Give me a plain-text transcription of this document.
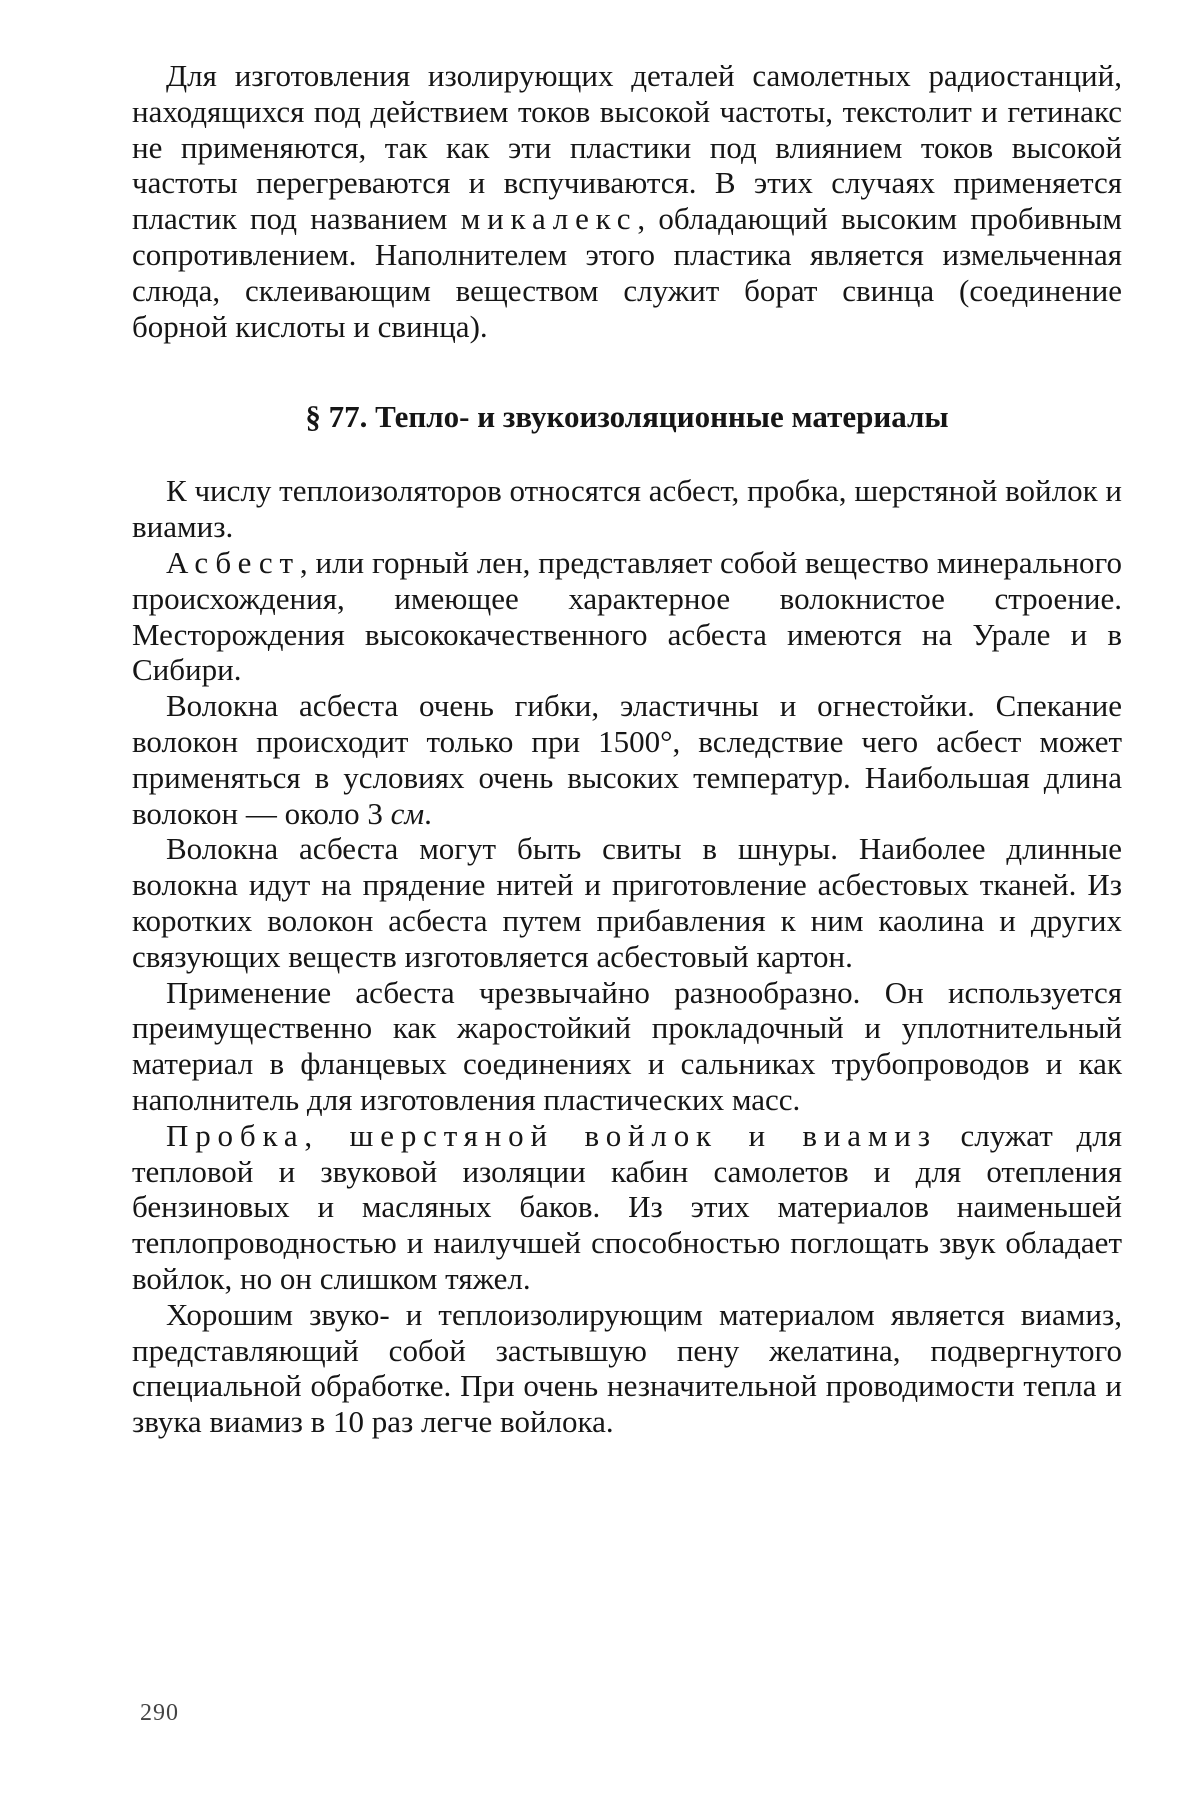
Для изготовления изолирующих деталей самолетных радиостанций, находящихся под действием токов высокой частоты, текстолит и гетинакс не применяются, так как эти пластики под влиянием токов высокой частоты перегреваются и вспучиваются. В этих случаях применяется пластик под названием микалекс, обладающий высоким пробивным сопротивлением. Наполнителем этого пластика является измельченная слюда, склеивающим веществом служит борат свинца (соединение борной кислоты и свинца).

§ 77. Тепло- и звукоизоляционные материалы

К числу теплоизоляторов относятся асбест, пробка, шерстяной войлок и виамиз.

Асбест, или горный лен, представляет собой вещество минерального происхождения, имеющее характерное волокнистое строение. Месторождения высококачественного асбеста имеются на Урале и в Сибири.

Волокна асбеста очень гибки, эластичны и огнестойки. Спекание волокон происходит только при 1500°, вследствие чего асбест может применяться в условиях очень высоких температур. Наибольшая длина волокон — около 3 см.

Волокна асбеста могут быть свиты в шнуры. Наиболее длинные волокна идут на прядение нитей и приготовление асбестовых тканей. Из коротких волокон асбеста путем прибавления к ним каолина и других связующих веществ изготовляется асбестовый картон.

Применение асбеста чрезвычайно разнообразно. Он используется преимущественно как жаростойкий прокладочный и уплотнительный материал в фланцевых соединениях и сальниках трубопроводов и как наполнитель для изготовления пластических масс.

Пробка, шерстяной войлок и виамиз служат для тепловой и звуковой изоляции кабин самолетов и для отепления бензиновых и масляных баков. Из этих материалов наименьшей теплопроводностью и наилучшей способностью поглощать звук обладает войлок, но он слишком тяжел.

Хорошим звуко- и теплоизолирующим материалом является виамиз, представляющий собой застывшую пену желатина, подвергнутого специальной обработке. При очень незначительной проводимости тепла и звука виамиз в 10 раз легче войлока.

290
